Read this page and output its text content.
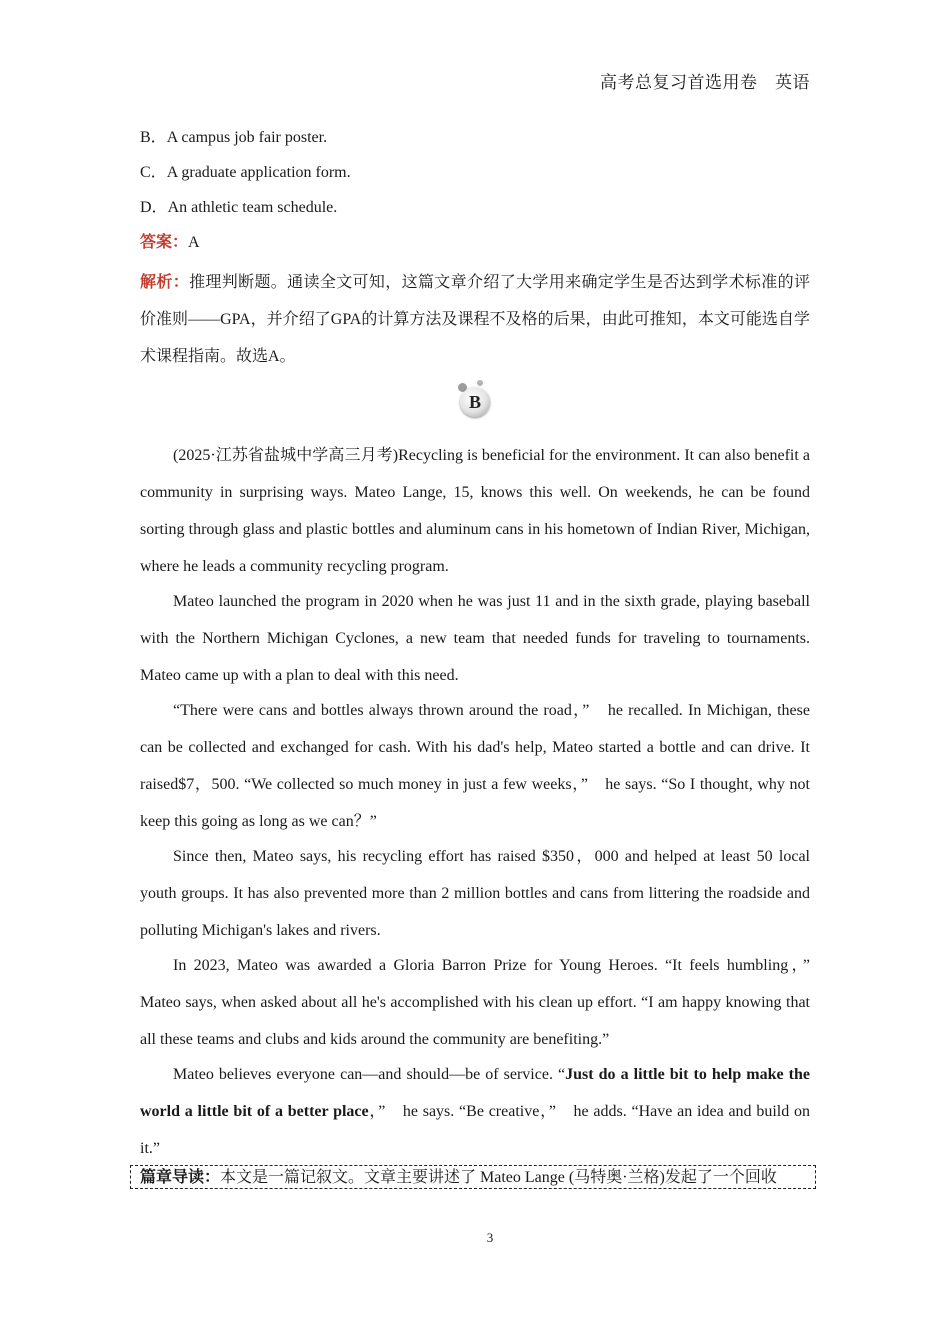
高考总复习首选用卷　英语
B．A campus job fair poster.
C．A graduate application form.
D．An athletic team schedule.
答案：A
解析：推理判断题。通读全文可知，这篇文章介绍了大学用来确定学生是否达到学术标准的评价准则——GPA，并介绍了GPA的计算方法及课程不及格的后果，由此可推知，本文可能选自学术课程指南。故选A。
B

(2025·江苏省盐城中学高三月考)Recycling is beneficial for the environment. It can also benefit a community in surprising ways. Mateo Lange, 15, knows this well. On weekends, he can be found sorting through glass and plastic bottles and aluminum cans in his hometown of Indian River, Michigan, where he leads a community recycling program.

Mateo launched the program in 2020 when he was just 11 and in the sixth grade, playing baseball with the Northern Michigan Cyclones, a new team that needed funds for traveling to tournaments. Mateo came up with a plan to deal with this need.

“There were cans and bottles always thrown around the road，”　he recalled. In Michigan, these can be collected and exchanged for cash. With his dad's help, Mateo started a bottle and can drive. It raised$7，500. “We collected so much money in just a few weeks，”　he says. “So I thought, why not keep this going as long as we can？”

Since then, Mateo says, his recycling effort has raised $350，000 and helped at least 50 local youth groups. It has also prevented more than 2 million bottles and cans from littering the roadside and polluting Michigan's lakes and rivers.

In 2023, Mateo was awarded a Gloria Barron Prize for Young Heroes. “It feels humbling，”　Mateo says, when asked about all he's accomplished with his clean up effort. “I am happy knowing that all these teams and clubs and kids around the community are benefiting.”

Mateo believes everyone can—and should—be of service. “Just do a little bit to help make the world a little bit of a better place，”　he says. “Be creative，”　he adds. “Have an idea and build on it.”

篇章导读：本文是一篇记叙文。文章主要讲述了 Mateo Lange (马特奥·兰格)发起了一个回收
3
